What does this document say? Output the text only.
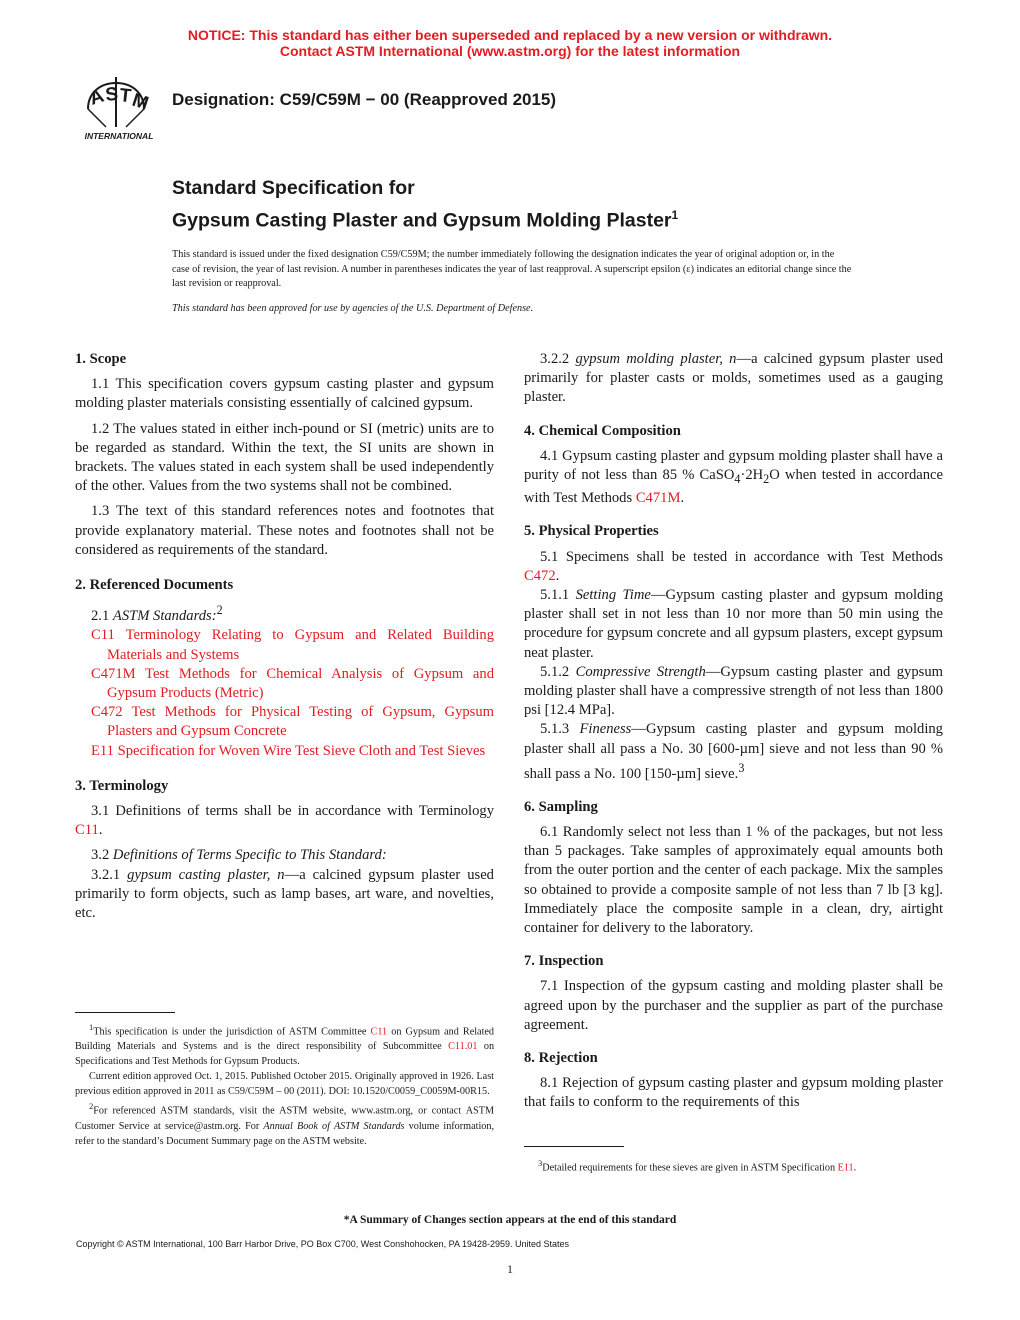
NOTICE: This standard has either been superseded and replaced by a new version or withdrawn.
Contact ASTM International (www.astm.org) for the latest information
A
S T
M
INTERNATIONAL
Designation: C59/C59M − 00 (Reapproved 2015)
Standard Specification for
Gypsum Casting Plaster and Gypsum Molding Plaster$^1$
This standard is issued under the fixed designation C59/C59M; the number immediately following the designation indicates the year of original adoption or, in the case of revision, the year of last revision. A number in parentheses indicates the year of last reapproval. A superscript epsilon (ε) indicates an editorial change since the last revision or reapproval.
This standard has been approved for use by agencies of the U.S. Department of Defense.
1. Scope

1.1 This specification covers gypsum casting plaster and gypsum molding plaster materials consisting essentially of calcined gypsum.

1.2 The values stated in either inch-pound or SI (metric) units are to be regarded as standard. Within the text, the SI units are shown in brackets. The values stated in each system shall be used independently of the other. Values from the two systems shall not be combined.

1.3 The text of this standard references notes and footnotes that provide explanatory material. These notes and footnotes shall not be considered as requirements of the standard.

2. Referenced Documents

2.1 ASTM Standards:$^2$

C11 Terminology Relating to Gypsum and Related Building Materials and Systems

C471M Test Methods for Chemical Analysis of Gypsum and Gypsum Products (Metric)

C472 Test Methods for Physical Testing of Gypsum, Gypsum Plasters and Gypsum Concrete

E11 Specification for Woven Wire Test Sieve Cloth and Test Sieves

3. Terminology

3.1 Definitions of terms shall be in accordance with Terminology C11.

3.2 Definitions of Terms Specific to This Standard:

3.2.1 gypsum casting plaster, n—a calcined gypsum plaster used primarily to form objects, such as lamp bases, art ware, and novelties, etc.

$^1$This specification is under the jurisdiction of ASTM Committee C11 on Gypsum and Related Building Materials and Systems and is the direct responsibility of Subcommittee C11.01 on Specifications and Test Methods for Gypsum Products.

Current edition approved Oct. 1, 2015. Published October 2015. Originally approved in 1926. Last previous edition approved in 2011 as C59/C59M – 00 (2011). DOI: 10.1520/C0059_C0059M-00R15.

$^2$For referenced ASTM standards, visit the ASTM website, www.astm.org, or contact ASTM Customer Service at service@astm.org. For Annual Book of ASTM Standards volume information, refer to the standard’s Document Summary page on the ASTM website.

3.2.2 gypsum molding plaster, n—a calcined gypsum plaster used primarily for plaster casts or molds, sometimes used as a gauging plaster.

4. Chemical Composition

4.1 Gypsum casting plaster and gypsum molding plaster shall have a purity of not less than 85 % $CaSO_4\cdot 2H_2O$ when tested in accordance with Test Methods C471M.

5. Physical Properties

5.1 Specimens shall be tested in accordance with Test Methods C472.

5.1.1 Setting Time—Gypsum casting plaster and gypsum molding plaster shall set in not less than 10 nor more than 50 min using the procedure for gypsum concrete and all gypsum plasters, except gypsum neat plaster.

5.1.2 Compressive Strength—Gypsum casting plaster and gypsum molding plaster shall have a compressive strength of not less than 1800 psi [12.4 MPa].

5.1.3 Fineness—Gypsum casting plaster and gypsum molding plaster shall all pass a No. 30 [600-µm] sieve and not less than 90 % shall pass a No. 100 [150-µm] sieve.$^3$

6. Sampling

6.1 Randomly select not less than 1 % of the packages, but not less than 5 packages. Take samples of approximately equal amounts both from the outer portion and the center of each package. Mix the samples so obtained to provide a composite sample of not less than 7 lb [3 kg]. Immediately place the composite sample in a clean, dry, airtight container for delivery to the laboratory.

7. Inspection

7.1 Inspection of the gypsum casting and molding plaster shall be agreed upon by the purchaser and the supplier as part of the purchase agreement.

8. Rejection

8.1 Rejection of gypsum casting plaster and gypsum molding plaster that fails to conform to the requirements of this

$^3$Detailed requirements for these sieves are given in ASTM Specification E11.

*A Summary of Changes section appears at the end of this standard
Copyright © ASTM International, 100 Barr Harbor Drive, PO Box C700, West Conshohocken, PA 19428-2959. United States
1
